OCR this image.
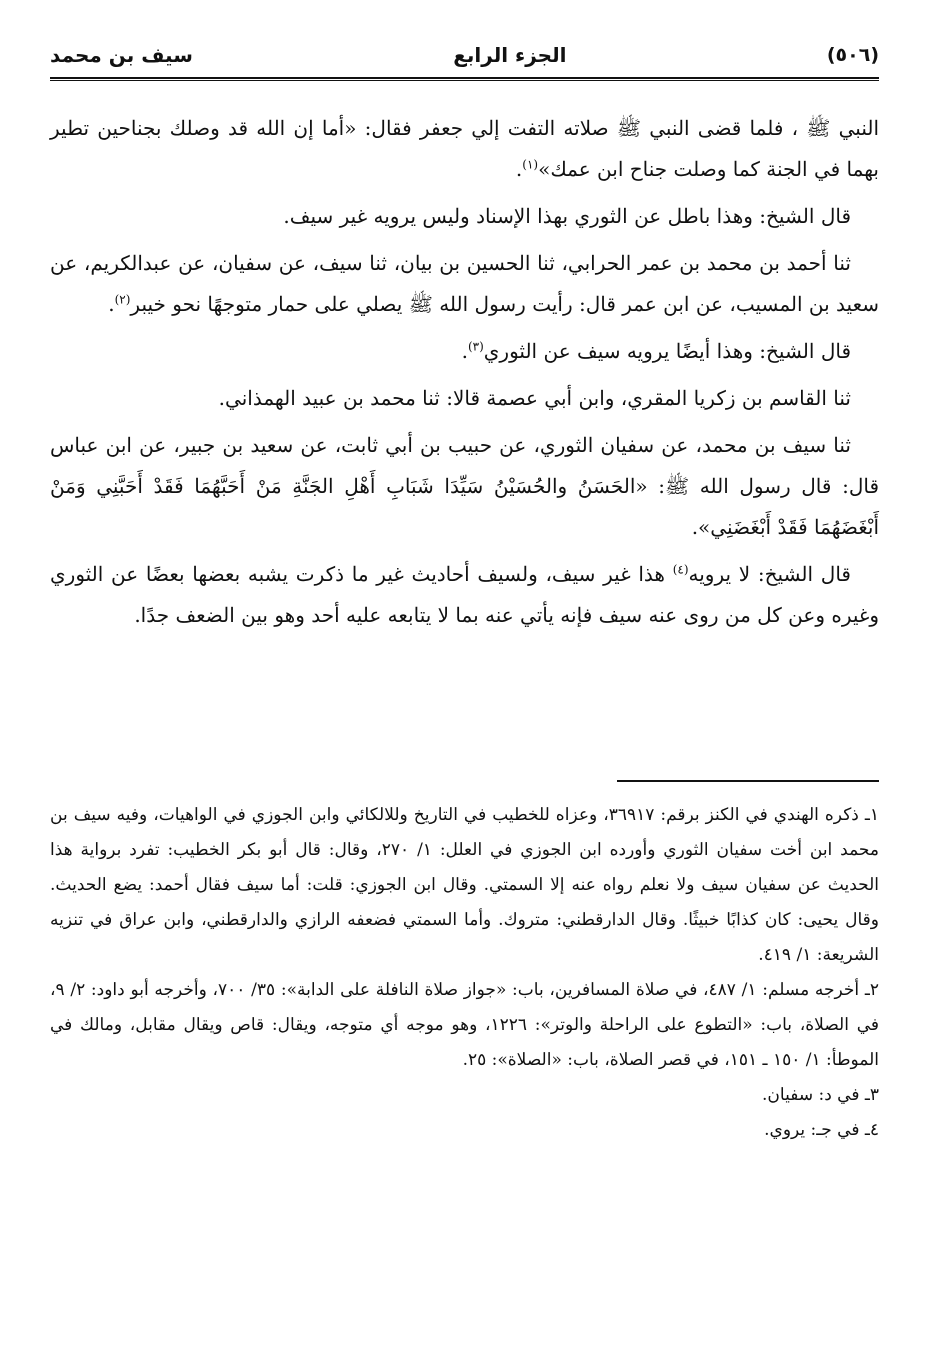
(٥٠٦)
الجزء الرابع
سيف بن محمد

النبي ﷺ ، فلما قضى النبي ﷺ صلاته التفت إلي جعفر فقال: «أما إن الله قد وصلك بجناحين تطير بهما في الجنة كما وصلت جناح ابن عمك»$^{(١)}$.

قال الشيخ: وهذا باطل عن الثوري بهذا الإسناد وليس يرويه غير سيف.

ثنا أحمد بن محمد بن عمر الحرابي، ثنا الحسين بن بيان، ثنا سيف، عن سفيان، عن عبدالكريم، عن سعيد بن المسيب، عن ابن عمر قال: رأيت رسول الله ﷺ يصلي على حمار متوجهًا نحو خيبر$^{(٢)}$.

قال الشيخ: وهذا أيضًا يرويه سيف عن الثوري$^{(٣)}$.

ثنا القاسم بن زكريا المقري، وابن أبي عصمة قالا: ثنا محمد بن عبيد الهمذاني.

ثنا سيف بن محمد، عن سفيان الثوري، عن حبيب بن أبي ثابت، عن سعيد بن جبير، عن ابن عباس قال: قال رسول الله ﷺ: «الحَسَنُ والحُسَيْنُ سَيِّدَا شَبَابِ أَهْلِ الجَنَّةِ مَنْ أَحَبَّهُمَا فَقَدْ أَحَبَّنِي وَمَنْ أَبْغَضَهُمَا فَقَدْ أَبْغَضَنِي».

قال الشيخ: لا يرويه$^{(٤)}$ هذا غير سيف، ولسيف أحاديث غير ما ذكرت يشبه بعضها بعضًا عن الثوري وغيره وعن كل من روى عنه سيف فإنه يأتي عنه بما لا يتابعه عليه أحد وهو بين الضعف جدًا.

١ـ ذكره الهندي في الكنز برقم: ٣٦٩١٧، وعزاه للخطيب في التاريخ وللالكائي وابن الجوزي في الواهيات، وفيه سيف بن محمد ابن أخت سفيان الثوري وأورده ابن الجوزي في العلل: ١/ ٢٧٠، وقال: قال أبو بكر الخطيب: تفرد برواية هذا الحديث عن سفيان سيف ولا نعلم رواه عنه إلا السمتي. وقال ابن الجوزي: قلت: أما سيف فقال أحمد: يضع الحديث. وقال يحيى: كان كذابًا خبيثًا. وقال الدارقطني: متروك. وأما السمتي فضعفه الرازي والدارقطني، وابن عراق في تنزيه الشريعة: ١/ ٤١٩.

٢ـ أخرجه مسلم: ١/ ٤٨٧، في صلاة المسافرين، باب: «جواز صلاة النافلة على الدابة»: ٣٥/ ٧٠٠، وأخرجه أبو داود: ٢/ ٩، في الصلاة، باب: «التطوع على الراحلة والوتر»: ١٢٢٦، وهو موجه أي متوجه، ويقال: قاص ويقال مقابل، ومالك في الموطأ: ١/ ١٥٠ ـ ١٥١، في قصر الصلاة، باب: «الصلاة»: ٢٥.

٣ـ في د: سفيان.

٤ـ في جـ: يروي.
